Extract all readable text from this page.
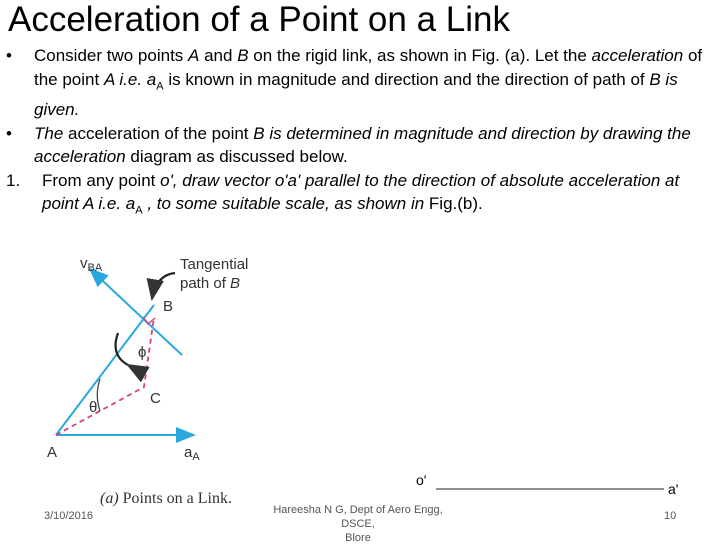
Acceleration of a Point on a Link
•	Consider two points A and B on the rigid link, as shown in Fig. (a). Let the acceleration of the point A i.e. $a_A$ is known in magnitude and direction and the direction of path of B is given.
•	The acceleration of the point B is determined in magnitude and direction by drawing the acceleration diagram as discussed below.
1.	From any point o', draw vector o'a' parallel to the direction of absolute acceleration at point A i.e. $a_A$ , to some suitable scale, as shown in Fig.(b).
$v_{BA}$	Tangential
path of B
B
ϕ
C
θ
A	$a_A$
(a) Points on a Link.
o'
a'
3/10/2016	Hareesha N G, Dept of Aero Engg, DSCE,
Blore
10
